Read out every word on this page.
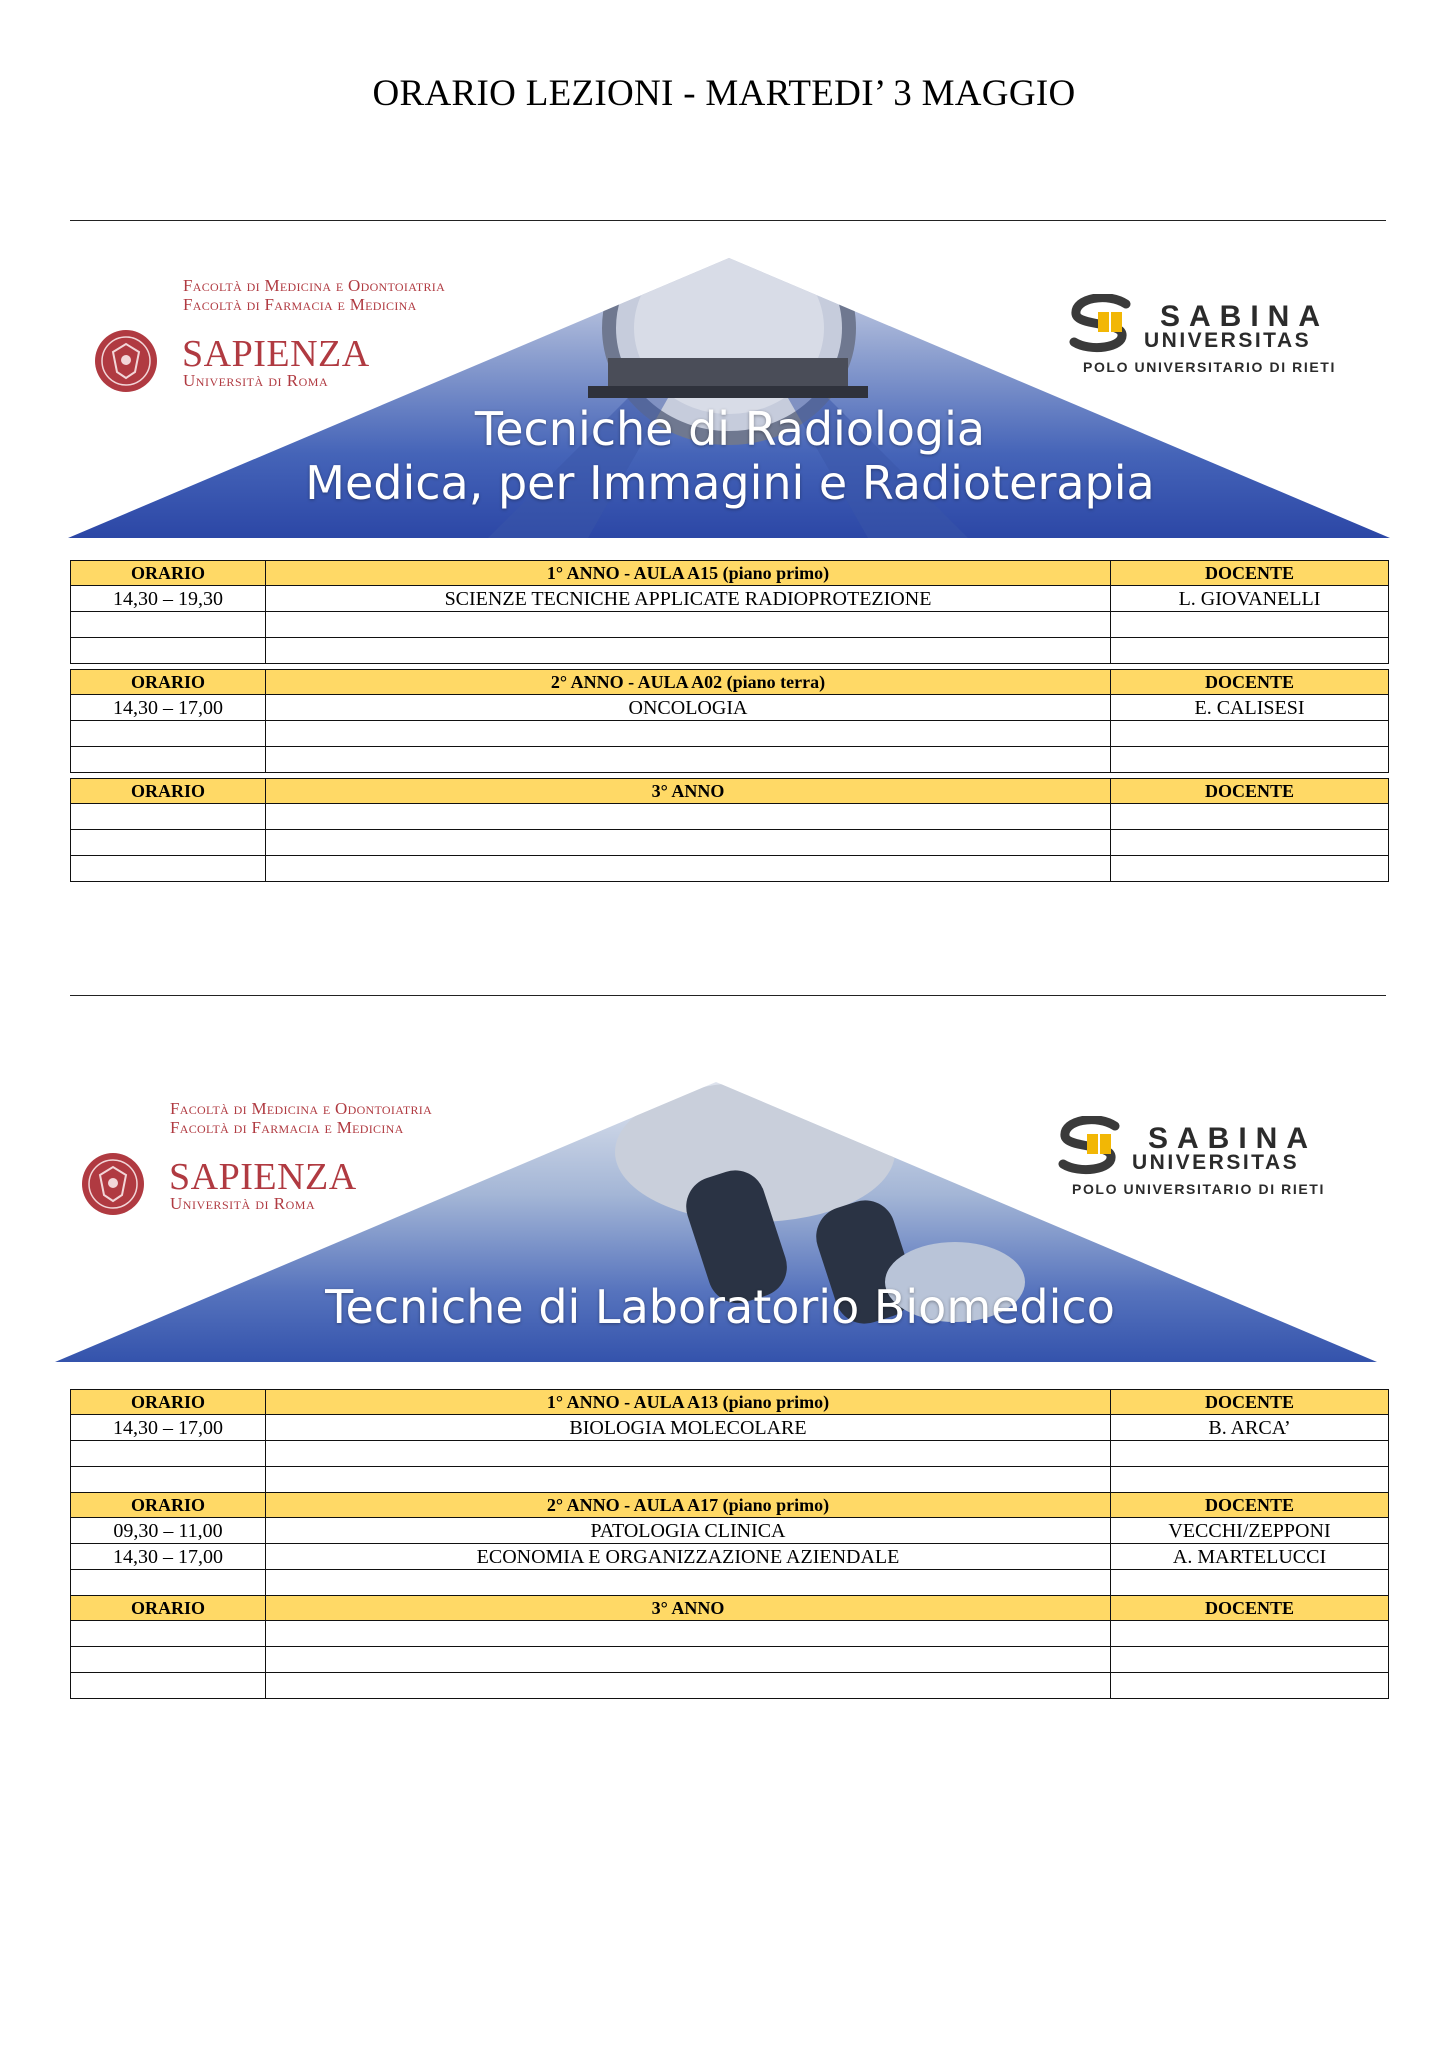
ORARIO LEZIONI - MARTEDI’ 3 MAGGIO
Facoltà di Medicina e Odontoiatria
Facoltà di Farmacia e Medicina
SAPIENZA
Università di Roma
SABINA
UNIVERSITAS
POLO UNIVERSITARIO DI RIETI
Tecniche di Radiologia
Medica, per Immagini e Radioterapia
ORARIO	1° ANNO - AULA A15 (piano primo)	DOCENTE
14,30 – 19,30	SCIENZE TECNICHE APPLICATE RADIOPROTEZIONE	L. GIOVANELLI

ORARIO	2° ANNO - AULA A02 (piano terra)	DOCENTE
14,30 – 17,00	ONCOLOGIA	E. CALISESI

ORARIO	3° ANNO	DOCENTE

Facoltà di Medicina e Odontoiatria
Facoltà di Farmacia e Medicina
SAPIENZA
Università di Roma
SABINA
UNIVERSITAS
POLO UNIVERSITARIO DI RIETI
Tecniche di Laboratorio Biomedico
ORARIO	1° ANNO - AULA A13 (piano primo)	DOCENTE
14,30 – 17,00	BIOLOGIA MOLECOLARE	B. ARCA’

ORARIO	2° ANNO - AULA A17 (piano primo)	DOCENTE
09,30 – 11,00	PATOLOGIA CLINICA	VECCHI/ZEPPONI
14,30 – 17,00	ECONOMIA E ORGANIZZAZIONE AZIENDALE	A. MARTELUCCI

ORARIO	3° ANNO	DOCENTE
